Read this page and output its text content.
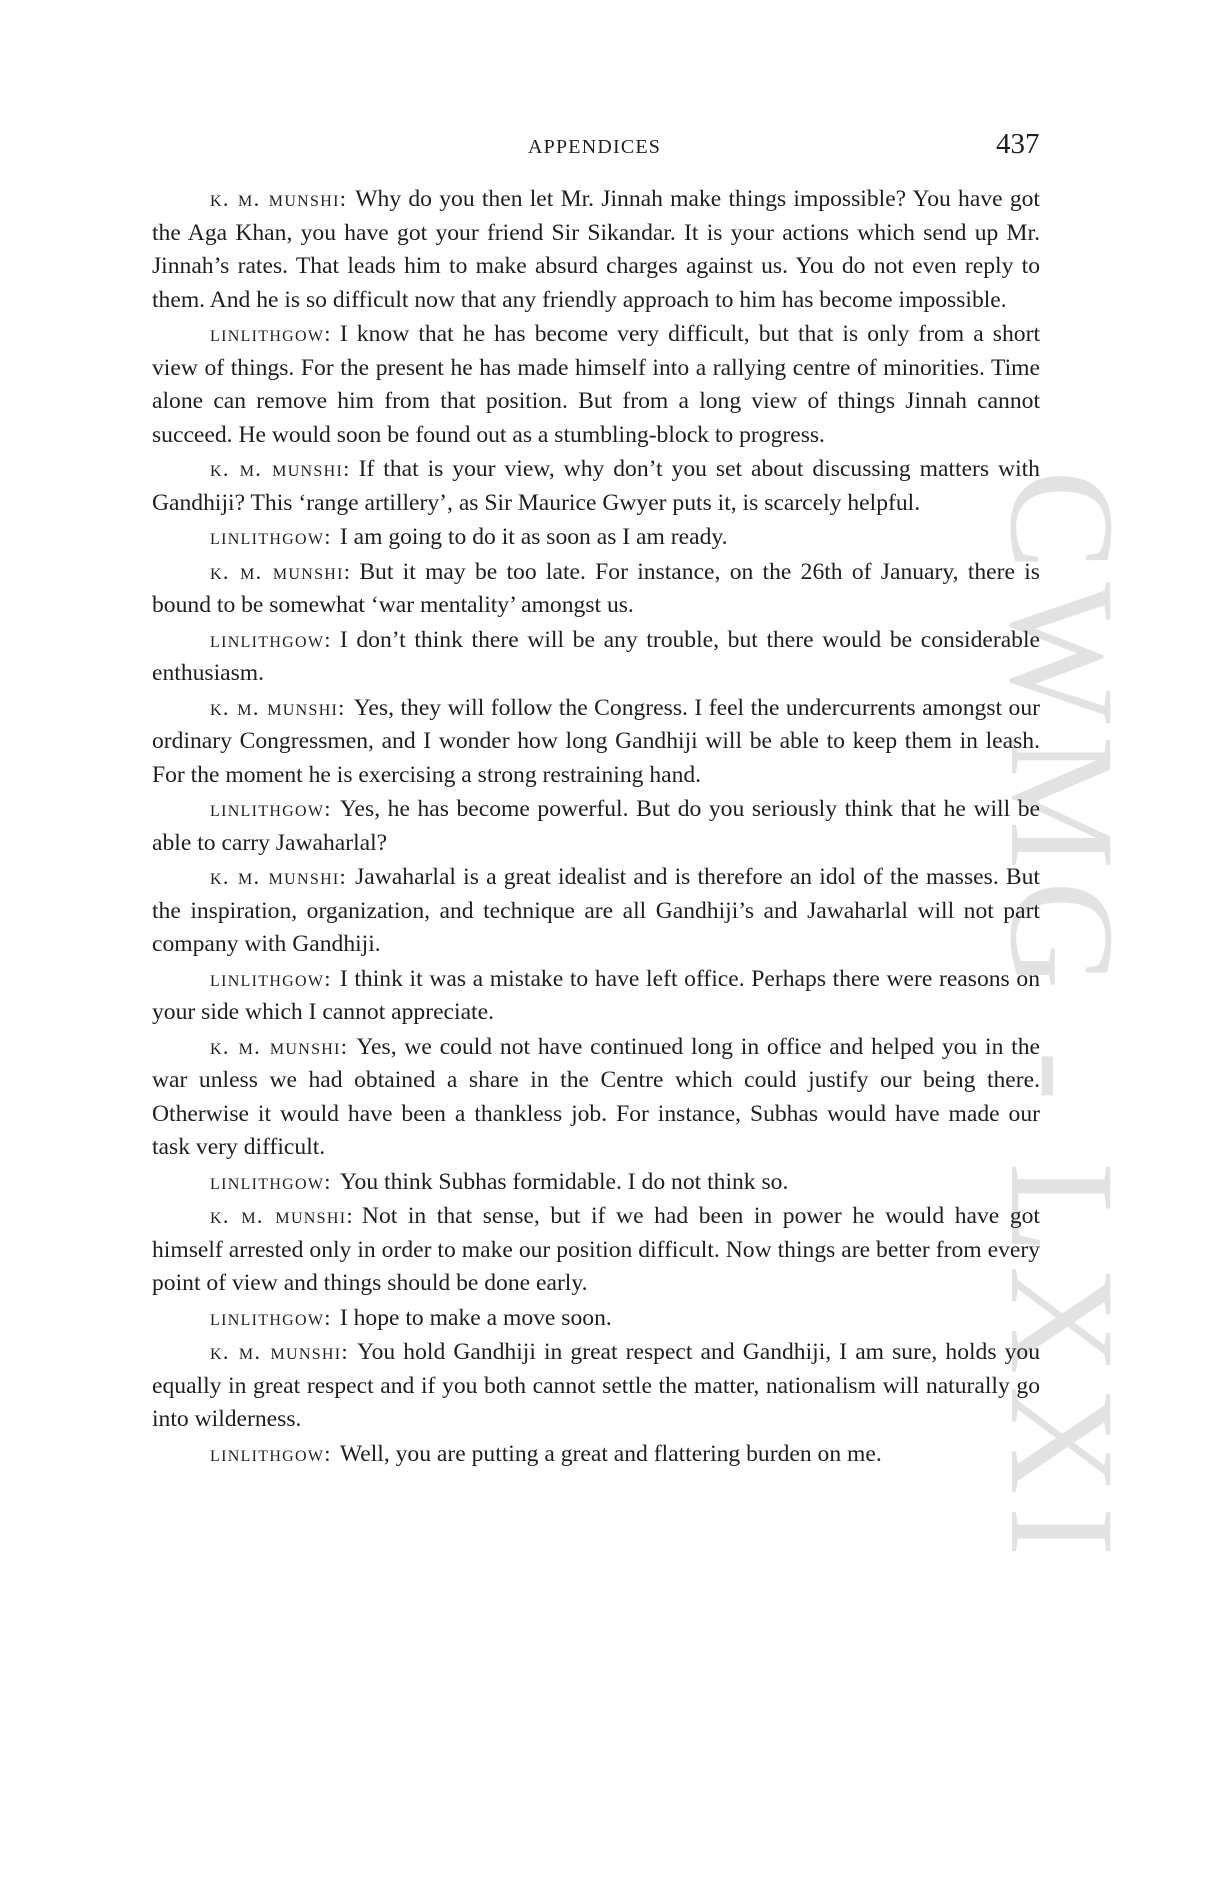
CWMG - LXXI
APPENDICES	437

k. m. munshi: Why do you then let Mr. Jinnah make things impossible? You have got the Aga Khan, you have got your friend Sir Sikandar. It is your actions which send up Mr. Jinnah’s rates. That leads him to make absurd charges against us. You do not even reply to them. And he is so difficult now that any friendly approach to him has become impossible.

linlithgow: I know that he has become very difficult, but that is only from a short view of things. For the present he has made himself into a rallying centre of minorities. Time alone can remove him from that position. But from a long view of things Jinnah cannot succeed. He would soon be found out as a stumbling-block to progress.

k. m. munshi: If that is your view, why don’t you set about discussing matters with Gandhiji? This ‘range artillery’, as Sir Maurice Gwyer puts it, is scarcely helpful.

linlithgow: I am going to do it as soon as I am ready.

k. m. munshi: But it may be too late. For instance, on the 26th of January, there is bound to be somewhat ‘war mentality’ amongst us.

linlithgow: I don’t think there will be any trouble, but there would be considerable enthusiasm.

k. m. munshi: Yes, they will follow the Congress. I feel the undercurrents amongst our ordinary Congressmen, and I wonder how long Gandhiji will be able to keep them in leash. For the moment he is exercising a strong restraining hand.

linlithgow: Yes, he has become powerful. But do you seriously think that he will be able to carry Jawaharlal?

k. m. munshi: Jawaharlal is a great idealist and is therefore an idol of the masses. But the inspiration, organization, and technique are all Gandhiji’s and Jawaharlal will not part company with Gandhiji.

linlithgow: I think it was a mistake to have left office. Perhaps there were reasons on your side which I cannot appreciate.

k. m. munshi: Yes, we could not have continued long in office and helped you in the war unless we had obtained a share in the Centre which could justify our being there. Otherwise it would have been a thankless job. For instance, Subhas would have made our task very difficult.

linlithgow: You think Subhas formidable. I do not think so.

k. m. munshi: Not in that sense, but if we had been in power he would have got himself arrested only in order to make our position difficult. Now things are better from every point of view and things should be done early.

linlithgow: I hope to make a move soon.

k. m. munshi: You hold Gandhiji in great respect and Gandhiji, I am sure, holds you equally in great respect and if you both cannot settle the matter, nationalism will naturally go into wilderness.

linlithgow: Well, you are putting a great and flattering burden on me.
